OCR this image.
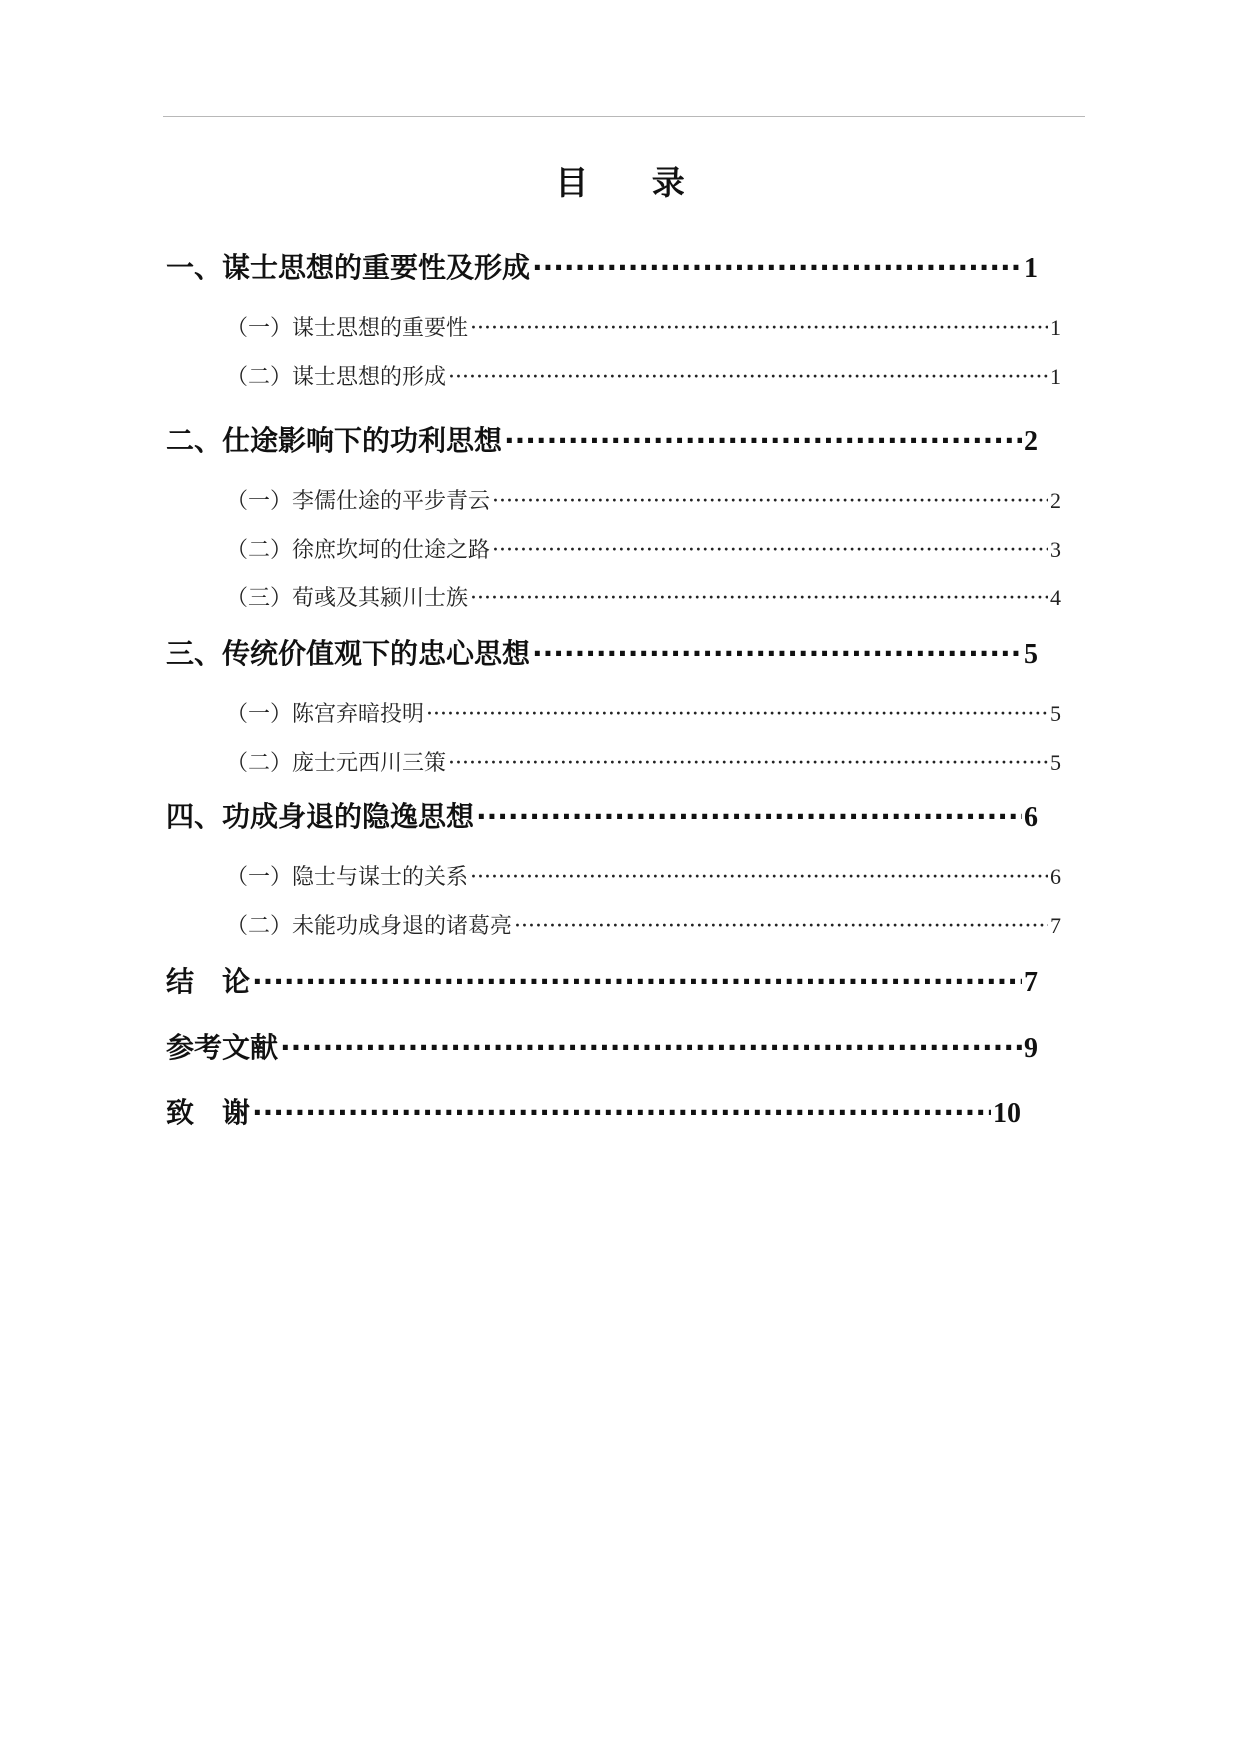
目 录
一、谋士思想的重要性及形成 ·····	1
（一）谋士思想的重要性 ·····	1
（二）谋士思想的形成 ·····	1
二、仕途影响下的功利思想 ·····	2
（一）李儒仕途的平步青云 ·····	2
（二）徐庶坎坷的仕途之路 ·····	3
（三）荀彧及其颍川士族 ·····	4
三、传统价值观下的忠心思想 ·····	5
（一）陈宫弃暗投明 ·····	5
（二）庞士元西川三策 ·····	5
四、功成身退的隐逸思想 ·····	6
（一）隐士与谋士的关系 ·····	6
（二）未能功成身退的诸葛亮 ·····	7
结　论 ·····	7
参考文献 ·····	9
致　谢 ·····	10
